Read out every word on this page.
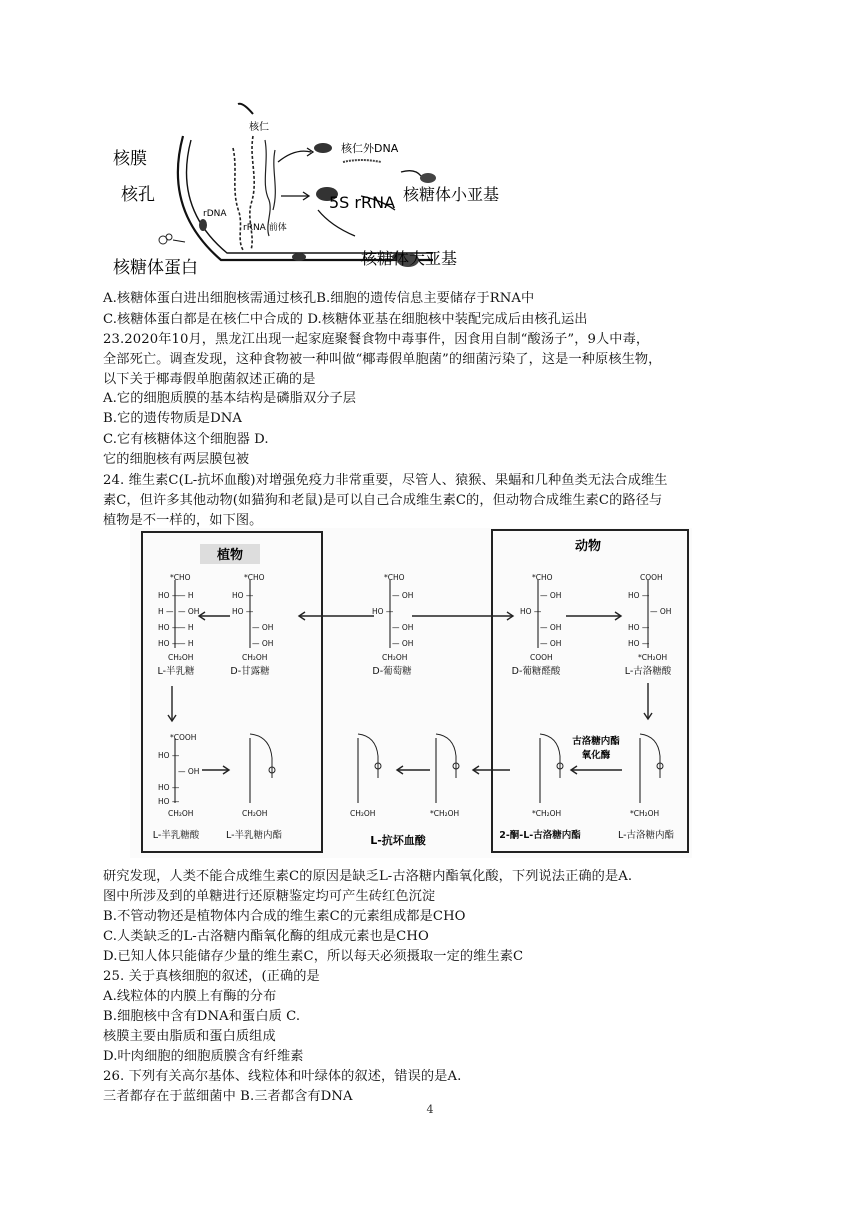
核膜
核孔
核糖体蛋白
核仁
核仁外DNA
rDNA
rRNA 前体
5S rRNA 核糖体小亚基
核糖体大亚基
A.核糖体蛋白进出细胞核需通过核孔B.细胞的遗传信息主要储存于RNA中
C.核糖体蛋白都是在核仁中合成的 D.核糖体亚基在细胞核中装配完成后由核孔运出
23.2020年10月，黑龙江出现一起家庭聚餐食物中毒事件，因食用自制“酸汤子”，9人中毒，
全部死亡。调查发现，这种食物被一种叫做“椰毒假单胞菌”的细菌污染了，这是一种原核生物，
以下关于椰毒假单胞菌叙述正确的是
A.它的细胞质膜的基本结构是磷脂双分子层
B.它的遗传物质是DNA
C.它有核糖体这个细胞器 D.
它的细胞核有两层膜包被
24. 维生素C(L-抗坏血酸)对增强免疫力非常重要，尽管人、猿猴、果蝠和几种鱼类无法合成维生
素C，但许多其他动物(如猫狗和老鼠)是可以自己合成维生素C的，但动物合成维生素C的路径与
植物是不一样的，如下图。
植物
动物
*CHO
HO —
— H
H — — OH
HO —
— H
HO —
— H
CH₂OH
*CHO
HO —
HO —
— OH
— OH
CH₂OH
*CHO
— OH
HO —
— OH
— OH
CH₂OH
*CHO
— OH
HO —
— OH
— OH
COOH
COOH
HO —
— OH
HO —
HO —
*CH₂OH
*COOH
HO —
— OH
HO —
HO —
CH₂OH	CH₂OH	CH₂OH	*CH₂OH	*CH₂OH	*CH₂OH
古洛糖内酯
氧化酶
L-半乳糖	D-甘露糖	D-葡萄糖	D-葡糖醛酸	L-古洛糖酸
L-半乳糖酸	L-半乳糖内酯	L-抗坏血酸	2-酮-L-古洛糖内酯	L-古洛糖内酯
研究发现，人类不能合成维生素C的原因是缺乏L-古洛糖内酯氧化酸，下列说法正确的是A.
图中所涉及到的单糖进行还原糖鉴定均可产生砖红色沉淀
B.不管动物还是植物体内合成的维生素C的元素组成都是CHO
C.人类缺乏的L-古洛糖内酯氧化酶的组成元素也是CHO
D.已知人体只能储存少量的维生素C，所以每天必须摄取一定的维生素C
25. 关于真核细胞的叙述，(正确的是
A.线粒体的内膜上有酶的分布
B.细胞核中含有DNA和蛋白质 C.
核膜主要由脂质和蛋白质组成
D.叶肉细胞的细胞质膜含有纤维素
26. 下列有关高尔基体、线粒体和叶绿体的叙述，错误的是A.
三者都存在于蓝细菌中 B.三者都含有DNA
4
